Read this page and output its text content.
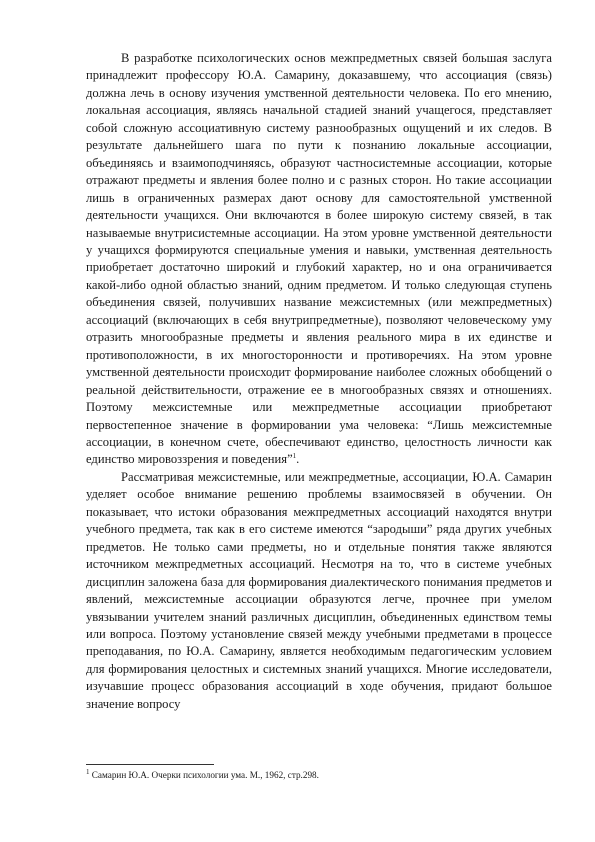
В разработке психологических основ межпредметных связей большая заслуга принадлежит профессору Ю.А. Самарину, доказавшему, что ассоциация (связь) должна лечь в основу изучения умственной деятельности человека. По его мнению, локальная ассоциация, являясь начальной стадией знаний учащегося, представляет собой сложную ассоциативную систему разнообразных ощущений и их следов. В результате дальнейшего шага по пути к познанию локальные ассоциации, объединяясь и взаимоподчиняясь, образуют частносистемные ассоциации, которые отражают предметы и явления более полно и с разных сторон. Но такие ассоциации лишь в ограниченных размерах дают основу для самостоятельной умственной деятельности учащихся. Они включаются в более широкую систему связей, в так называемые внутрисистемные ассоциации. На этом уровне умственной деятельности у учащихся формируются специальные умения и навыки, умственная деятельность приобретает достаточно широкий и глубокий характер, но и она ограничивается какой-либо одной областью знаний, одним предметом. И только следующая ступень объединения связей, получивших название межсистемных (или межпредметных) ассоциаций (включающих в себя внутрипредметные), позволяют человеческому уму отразить многообразные предметы и явления реального мира в их единстве и противоположности, в их многосторонности и противоречиях. На этом уровне умственной деятельности происходит формирование наиболее сложных обобщений о реальной действительности, отражение ее в многообразных связях и отношениях. Поэтому межсистемные или межпредметные ассоциации приобретают первостепенное значение в формировании ума человека: “Лишь межсистемные ассоциации, в конечном счете, обеспечивают единство, целостность личности как единство мировоззрения и поведения”$^1$.

Рассматривая межсистемные, или межпредметные, ассоциации, Ю.А. Самарин уделяет особое внимание решению проблемы взаимосвязей в обучении. Он показывает, что истоки образования межпредметных ассоциаций находятся внутри учебного предмета, так как в его системе имеются “зародыши” ряда других учебных предметов. Не только сами предметы, но и отдельные понятия также являются источником межпредметных ассоциаций. Несмотря на то, что в системе учебных дисциплин заложена база для формирования диалектического понимания предметов и явлений, межсистемные ассоциации образуются легче, прочнее при умелом увязывании учителем знаний различных дисциплин, объединенных единством темы или вопроса. Поэтому установление связей между учебными предметами в процессе преподавания, по Ю.А. Самарину, является необходимым педагогическим условием для формирования целостных и системных знаний учащихся. Многие исследователи, изучавшие процесс образования ассоциаций в ходе обучения, придают большое значение вопросу

$^1$ Самарин Ю.А. Очерки психологии ума. М., 1962, стр.298.
